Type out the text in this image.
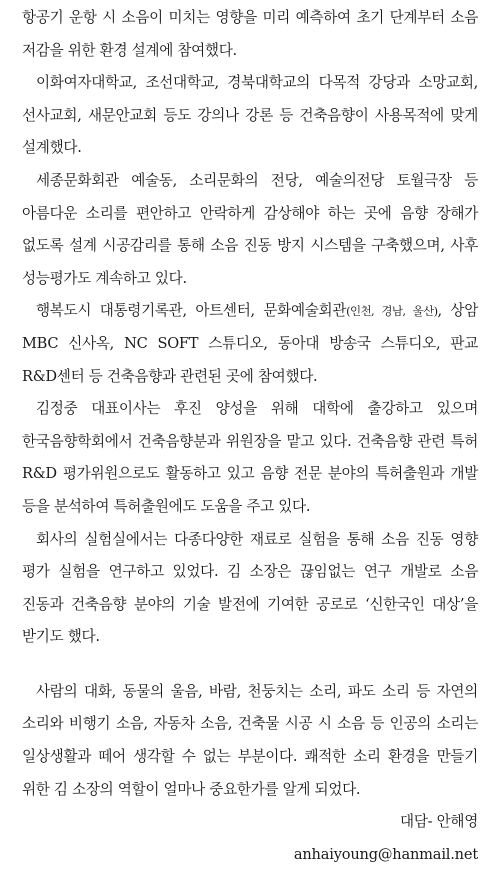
항공기 운항 시 소음이 미치는 영향을 미리 예측하여 초기 단계부터 소음 저감을 위한 환경 설계에 참여했다.

이화여자대학교, 조선대학교, 경북대학교의 다목적 강당과 소망교회, 선사교회, 새문안교회 등도 강의나 강론 등 건축음향이 사용목적에 맞게 설계했다.

세종문화회관 예술동, 소리문화의 전당, 예술의전당 토월극장 등 아름다운 소리를 편안하고 안락하게 감상해야 하는 곳에 음향 장해가 없도록 설계 시공감리를 통해 소음 진동 방지 시스템을 구축했으며, 사후 성능평가도 계속하고 있다.

행복도시 대통령기록관, 아트센터, 문화예술회관(인천, 경남, 울산), 상암 MBC 신사옥, NC SOFT 스튜디오, 동아대 방송국 스튜디오, 판교 R&D센터 등 건축음향과 관련된 곳에 참여했다.

김정중 대표이사는 후진 양성을 위해 대학에 출강하고 있으며 한국음향학회에서 건축음향분과 위원장을 맡고 있다. 건축음향 관련 특허 R&D 평가위원으로도 활동하고 있고 음향 전문 분야의 특허출원과 개발 등을 분석하여 특허출원에도 도움을 주고 있다.

회사의 실험실에서는 다종다양한 재료로 실험을 통해 소음 진동 영향 평가 실험을 연구하고 있었다. 김 소장은 끊임없는 연구 개발로 소음 진동과 건축음향 분야의 기술 발전에 기여한 공로로 ‘신한국인 대상’을 받기도 했다.

사람의 대화, 동물의 울음, 바람, 천둥치는 소리, 파도 소리 등 자연의 소리와 비행기 소음, 자동차 소음, 건축물 시공 시 소음 등 인공의 소리는 일상생활과 떼어 생각할 수 없는 부분이다. 쾌적한 소리 환경을 만들기 위한 김 소장의 역할이 얼마나 중요한가를 알게 되었다.

대담- 안해영

anhaiyoung@hanmail.net
